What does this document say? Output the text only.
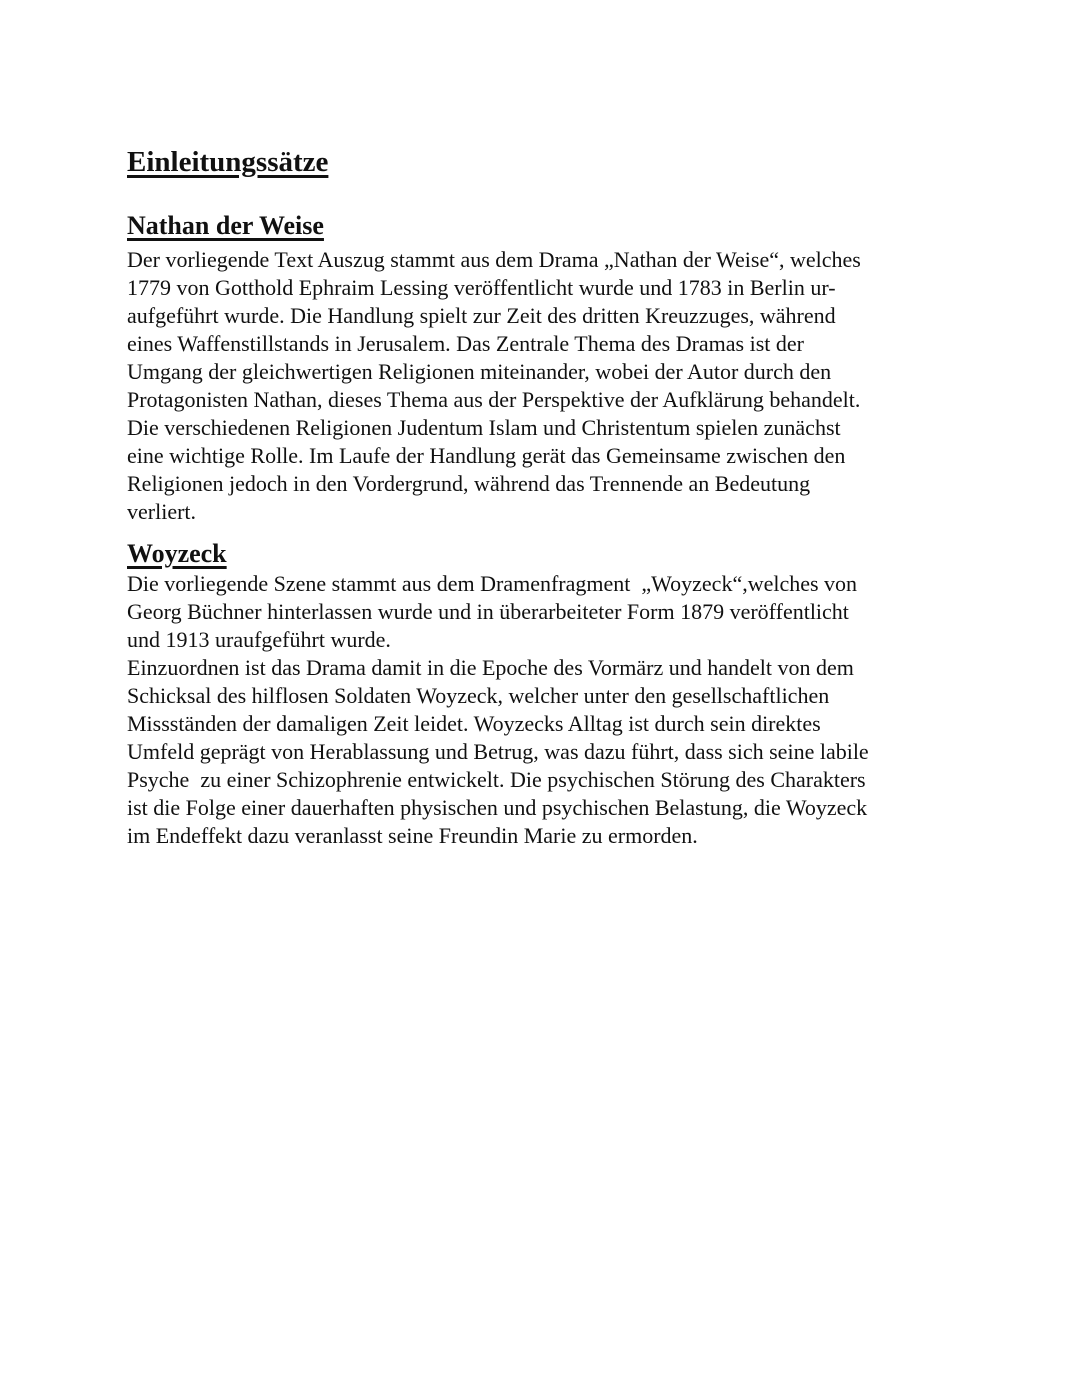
Einleitungssätze
Nathan der Weise

Der vorliegende Text Auszug stammt aus dem Drama „Nathan der Weise“, welches
1779 von Gotthold Ephraim Lessing veröffentlicht wurde und 1783 in Berlin ur-
aufgeführt wurde. Die Handlung spielt zur Zeit des dritten Kreuzzuges, während
eines Waffenstillstands in Jerusalem. Das Zentrale Thema des Dramas ist der
Umgang der gleichwertigen Religionen miteinander, wobei der Autor durch den
Protagonisten Nathan, dieses Thema aus der Perspektive der Aufklärung behandelt.
Die verschiedenen Religionen Judentum Islam und Christentum spielen zunächst
eine wichtige Rolle. Im Laufe der Handlung gerät das Gemeinsame zwischen den
Religionen jedoch in den Vordergrund, während das Trennende an Bedeutung
verliert.

Woyzeck

Die vorliegende Szene stammt aus dem Dramenfragment  „Woyzeck“,welches von
Georg Büchner hinterlassen wurde und in überarbeiteter Form 1879 veröffentlicht
und 1913 uraufgeführt wurde.
Einzuordnen ist das Drama damit in die Epoche des Vormärz und handelt von dem
Schicksal des hilflosen Soldaten Woyzeck, welcher unter den gesellschaftlichen
Missständen der damaligen Zeit leidet. Woyzecks Alltag ist durch sein direktes
Umfeld geprägt von Herablassung und Betrug, was dazu führt, dass sich seine labile
Psyche  zu einer Schizophrenie entwickelt. Die psychischen Störung des Charakters
ist die Folge einer dauerhaften physischen und psychischen Belastung, die Woyzeck
im Endeffekt dazu veranlasst seine Freundin Marie zu ermorden.
